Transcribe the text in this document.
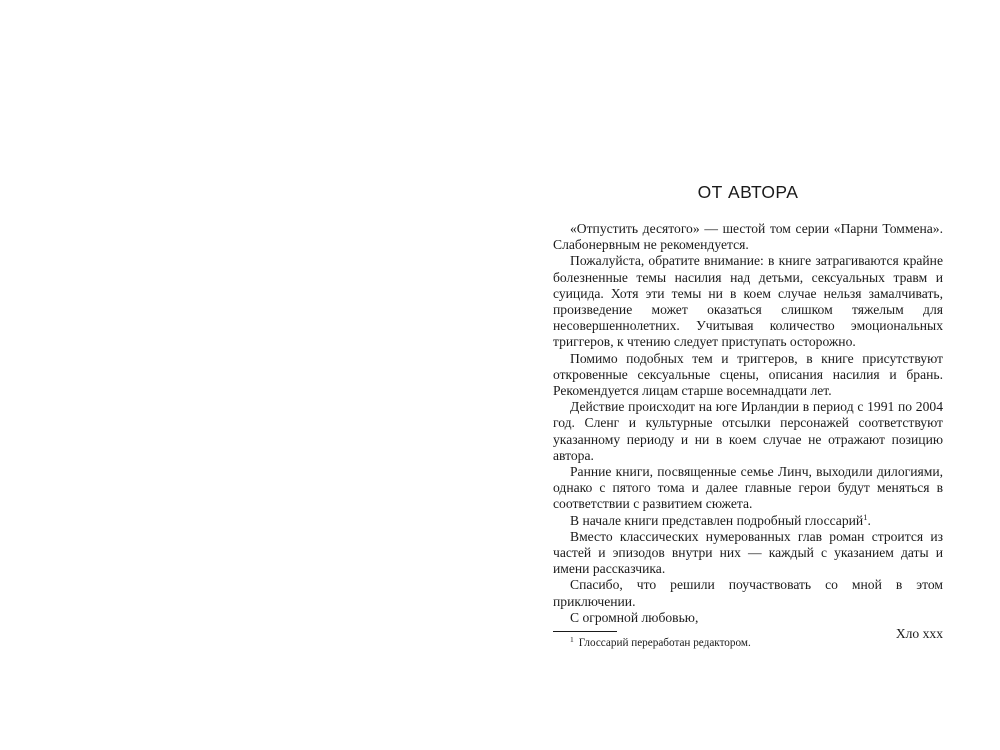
ОТ АВТОРА

«Отпустить десятого» — шестой том серии «Парни Томмена». Слабонервным не рекомендуется.

Пожалуйста, обратите внимание: в книге затрагиваются крайне болезненные темы насилия над детьми, сексуальных травм и суицида. Хотя эти темы ни в коем случае нельзя замалчивать, произведение может оказаться слишком тяжелым для несовершеннолетних. Учитывая количество эмоциональных триггеров, к чтению следует приступать осторожно.

Помимо подобных тем и триггеров, в книге присутствуют откровенные сексуальные сцены, описания насилия и брань. Рекомендуется лицам старше восемнадцати лет.

Действие происходит на юге Ирландии в период с 1991 по 2004 год. Сленг и культурные отсылки персонажей соответствуют указанному периоду и ни в коем случае не отражают позицию автора.

Ранние книги, посвященные семье Линч, выходили дилогиями, однако с пятого тома и далее главные герои будут меняться в соответствии с развитием сюжета.

В начале книги представлен подробный глоссарий$^1$.

Вместо классических нумерованных глав роман строится из частей и эпизодов внутри них — каждый с указанием даты и имени рассказчика.

Спасибо, что решили поучаствовать со мной в этом приключении.

С огромной любовью,

Хло ххх

$^1$ Глоссарий переработан редактором.
